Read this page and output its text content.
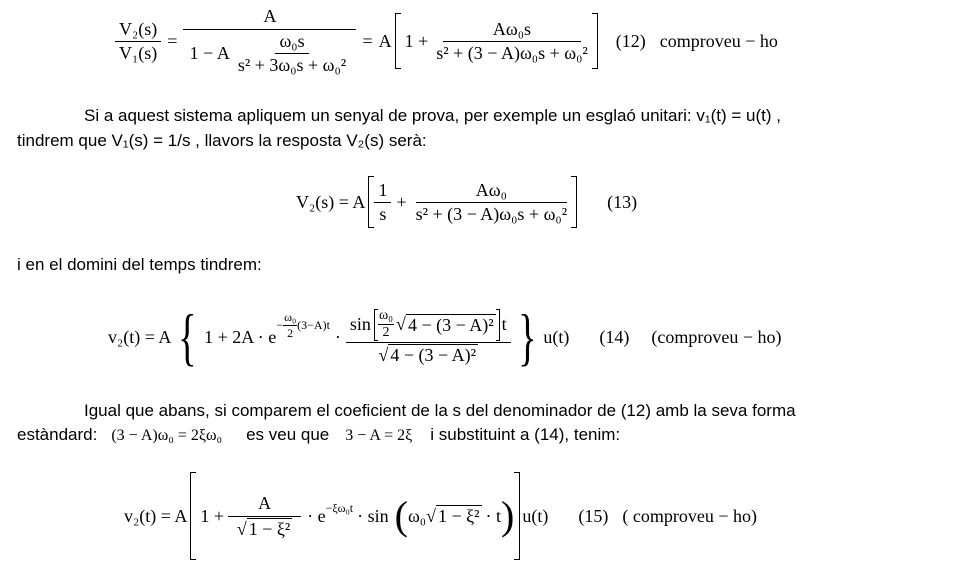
$\frac{\text{V₂(s)}}{\text{V₁(s)}} = \frac{A}{1 - A \frac{\text{ω₀s}}{\text{s² + 3ω₀s + ω₀²}}} = A$ $1 + \frac{\text{Aω₀s}}{\text{s² + (3 − A)ω₀s + ω₀²}} (12)$ comproveu − ho
Si a aquest sistema apliquem un senyal de prova, per exemple un esglaó unitari: v₁(t) = u(t) ,
tindrem que V₁(s) = 1/s , llavors la resposta V₂(s) serà:
V₂(s) = A $\frac{1}{s} + \frac{\text{Aω₀}}{\text{s² + (3 − A)ω₀s + ω₀²}} (13)$
i en el domini del temps tindrem:
v₂(t) = A { 1 + 2A · e
$^{- \frac{\text{ω₀}}{2} (3-A)t}$
·
$\sin \frac{\text{ω₀}}{2}$ √ 4 − (3 − A)² t
√ 4 − (3 − A)² } u(t) (14) (comproveu − ho)
Igual que abans, si comparem el coeficient de la s del denominador de (12) amb la seva forma
estàndard: (3 − A)ω₀ = 2ξω₀ es veu que 3 − A = 2ξ i substituint a (14), tenim:
v₂(t) = A $1 + \frac{A}{\text{√ 1 − ξ²}} \cdot e^{-\xi\omega_0t} \cdot \sin$ ( ω₀ √ 1 − ξ² · t ) u(t) (15) ( comproveu − ho)
